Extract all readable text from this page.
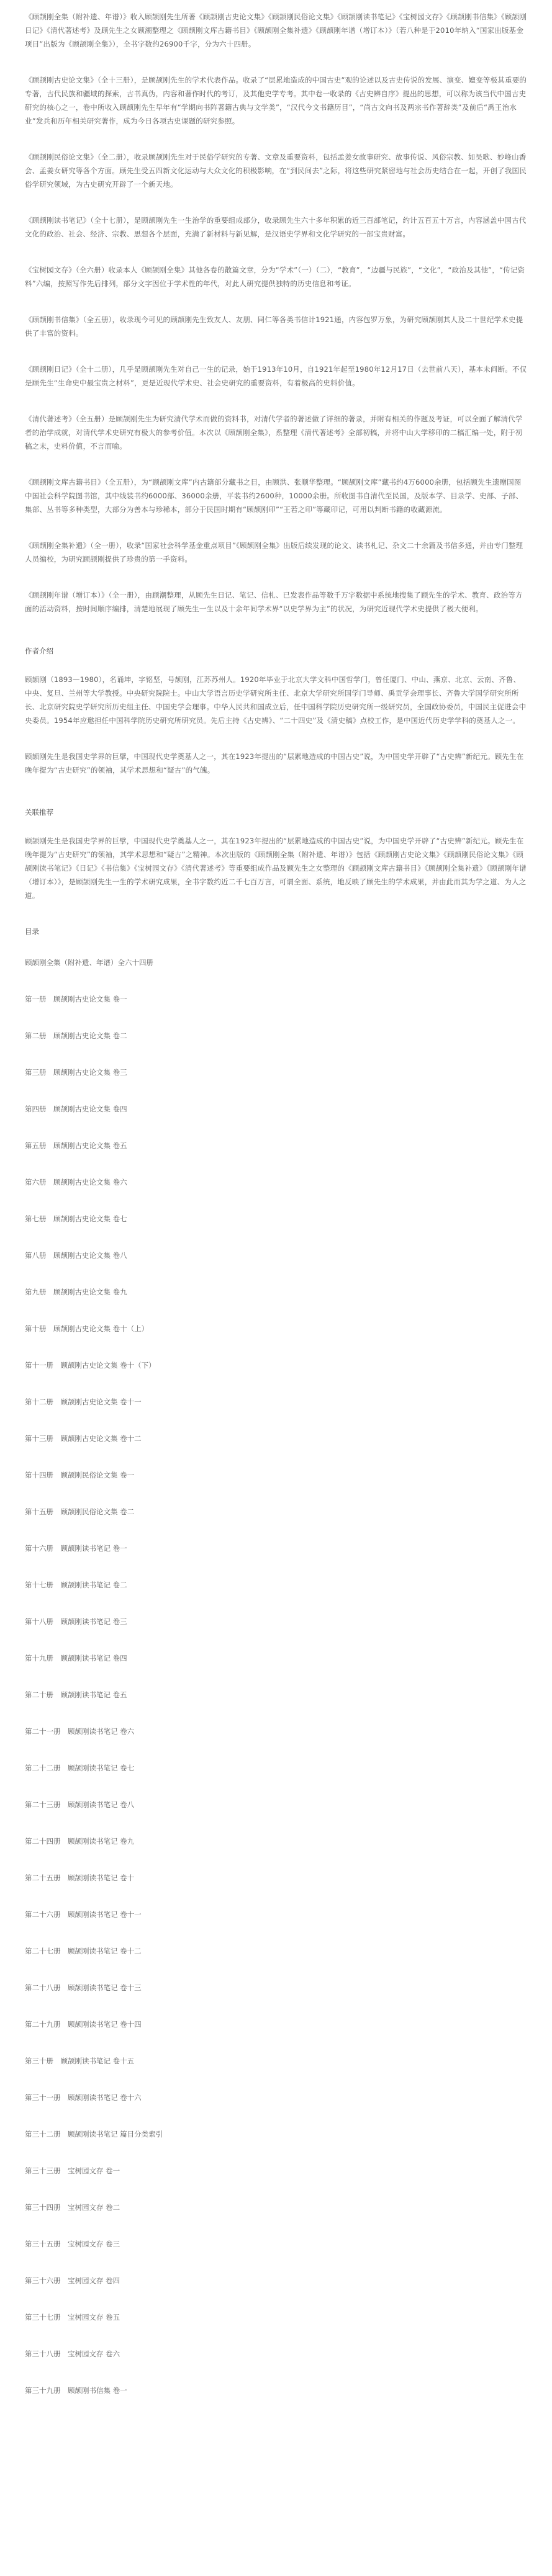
《顾颉刚全集（附补遗、年谱）》收入顾颉刚先生所著《顾颉刚古史论文集》《顾颉刚民俗论文集》《顾颉刚读书笔记》《宝树园文存》《顾颉刚书信集》《顾颉刚日记》《清代著述考》及顾先生之女顾潮整理之《顾颉刚文库古籍书目》《顾颉刚全集补遗》《顾颉刚年谱（增订本）》（若八种是于2010年纳入“国家出版基金项目”出版为《顾颉刚全集》），全书字数约26900千字，分为六十四册。

《顾颉刚古史论文集》（全十三册），是顾颉刚先生的学术代表作品。收录了“层累地造成的中国古史”观的论述以及古史传说的发展、演变、嬗变等极其重要的专著，古代民族和疆域的探索，古书真伪，内容和著作时代的考订，及其他史学专考。其中卷一收录的《古史辨自序》提出的思想，可以称为该当代中国古史研究的核心之一，卷中所收入顾颉刚先生早年有“学期向书阵著籍古典与文学类”，“汉代今文书籍历目”，“尚古文向书及两宗书作著辞类”及前后“禹王治水业”发兵和历年相关研究著作，成为今日各项古史课题的研究参照。

《顾颉刚民俗论文集》（全二册），收录顾颉刚先生对于民俗学研究的专著、文章及重要资料，包括孟姜女故事研究、故事传说、风俗宗教、如吴歌、妙峰山香会、孟姜女研究等各个方面。顾先生受五四新文化运动与大众文化的积极影响，在“到民间去”之际，将这些研究紧密地与社会历史结合在一起，开创了我国民俗学研究领域，为古史研究开辟了一个新天地。

《顾颉刚读书笔记》（全十七册），是顾颉刚先生一生治学的重要组成部分，收录顾先生六十多年积累的近三百部笔记，约计五百五十万言，内容涵盖中国古代文化的政治、社会、经济、宗教、思想各个层面，充满了新材料与新见解，是汉语史学界和文化学研究的一部宝贵财富。

《宝树园文存》（全六册）收录本人《顾颉刚全集》其他各卷的散篇文章，分为“学术”（一）（二），“教育”，“边疆与民族”，“文化”，“政治及其他”，“传记资料”六编，按照写作先后排列，部分文字因位于学术性的年代，对此人研究提供独特的历史信息和考证。

《顾颉刚书信集》（全五册），收录现今可见的顾颉刚先生致友人、友朋、同仁等各类书信计1921通，内容包罗万象，为研究顾颉刚其人及二十世纪学术史提供了丰富的资料。

《顾颉刚日记》（全十二册），几乎是顾颉刚先生对自己一生的记录，始于1913年10月，自1921年起至1980年12月17日（去世前八天），基本未间断。不仅是顾先生“生命史中最宝贵之材料”，更是近现代学术史、社会史研究的重要资料，有着极高的史料价值。

《清代著述考》（全五册）是顾颉刚先生为研究清代学术而做的资料书，对清代学者的著述做了详细的著录，并附有相关的作题及考证，可以全面了解清代学者的治学成就，对清代学术史研究有极大的参考价值。本次以《顾颉刚全集》，系整理《清代著述考》全部初稿，并将中山大学移印的二稿汇编一处，附于初稿之末，史料价值，不言而喻。

《顾颉刚文库古籍书目》（全五册），为“顾颉刚文库”内古籍部分藏书之目，由顾洪、张顺华整理。“顾颉刚文库”藏书约4万6000余册，包括顾先生遗赠国图中国社会科学院图书馆，其中线装书约6000部、36000余册，平装书约2600种，10000余册。所收图书自清代至民国，及版本学、目录学、史部、子部、集部、丛书等多种类型，大部分为善本与珍稀本，部分于民国时期有“顾颉刚印”“王若之印”等藏印记，可用以判断书籍的收藏源流。

《顾颉刚全集补遗》（全一册），收录“国家社会科学基金重点项目”《顾颉刚全集》出版后续发现的论文、读书札记、杂文二十余篇及书信多通，并由专门整理人员编校，为研究顾颉刚提供了珍贵的第一手资料。

《顾颉刚年谱（增订本）》（全一册），由顾潮整理，从顾先生日记、笔记、信札、已发表作品等数千万字数据中系统地搜集了顾先生的学术、教育、政治等方面的活动资料，按时间顺序编排，清楚地展现了顾先生一生以及十余年间学术界“以史学界为主”的状况，为研究近现代学术史提供了极大便利。

作者介绍

顾颉刚（1893—1980），名诵坤，字铭坚，号颉刚，江苏苏州人。1920年毕业于北京大学文科中国哲学门，曾任厦门、中山、燕京、北京、云南、齐鲁、中央、复旦、兰州等大学教授。中央研究院院士。中山大学语言历史学研究所主任、北京大学研究所国学门导师、禹贡学会理事长、齐鲁大学国学研究所所长、北京研究院史学研究所历史组主任、中国史学会理事。中华人民共和国成立后，任中国科学院历史研究所一级研究员，全国政协委员，中国民主促进会中央委员。1954年应邀担任中国科学院历史研究所研究员。先后主持《古史辨》、“二十四史”及《清史稿》点校工作，是中国近代历史学学科的奠基人之一。

顾颉刚先生是我国史学界的巨擘，中国现代史学奠基人之一，其在1923年提出的“层累地造成的中国古史”说，为中国史学开辟了“古史辨”新纪元。顾先生在晚年提为“古史研究”的领袖，其学术思想和“疑古”的气魄。

关联推荐

顾颉刚先生是我国史学界的巨擘，中国现代史学奠基人之一，其在1923年提出的“层累地造成的中国古史”说，为中国史学开辟了“古史辨”新纪元。顾先生在晚年提为“古史研究”的领袖，其学术思想和“疑古”之精神。本次出版的《顾颉刚全集（附补遗、年谱）》包括《顾颉刚古史论文集》《顾颉刚民俗论文集》《顾颉刚读书笔记》《日记》《书信集》《宝树园文存》《清代著述考》等重要组成作品及顾先生之女整理的《顾颉刚文库古籍书目》《顾颉刚全集补遗》《顾颉刚年谱（增订本）》，是顾颉刚先生一生的学术研究成果，全书字数约近二千七百万言，可谓全面、系统，地反映了顾先生的学术成果，并由此而其为学之道、为人之道。

目录
顾颉刚全集（附补遗、年谱）全六十四册
第一册　顾颉刚古史论文集 卷一
第二册　顾颉刚古史论文集 卷二
第三册　顾颉刚古史论文集 卷三
第四册　顾颉刚古史论文集 卷四
第五册　顾颉刚古史论文集 卷五
第六册　顾颉刚古史论文集 卷六
第七册　顾颉刚古史论文集 卷七
第八册　顾颉刚古史论文集 卷八
第九册　顾颉刚古史论文集 卷九
第十册　顾颉刚古史论文集 卷十（上）
第十一册　顾颉刚古史论文集 卷十（下）
第十二册　顾颉刚古史论文集 卷十一
第十三册　顾颉刚古史论文集 卷十二
第十四册　顾颉刚民俗论文集 卷一
第十五册　顾颉刚民俗论文集 卷二
第十六册　顾颉刚读书笔记 卷一
第十七册　顾颉刚读书笔记 卷二
第十八册　顾颉刚读书笔记 卷三
第十九册　顾颉刚读书笔记 卷四
第二十册　顾颉刚读书笔记 卷五
第二十一册　顾颉刚读书笔记 卷六
第二十二册　顾颉刚读书笔记 卷七
第二十三册　顾颉刚读书笔记 卷八
第二十四册　顾颉刚读书笔记 卷九
第二十五册　顾颉刚读书笔记 卷十
第二十六册　顾颉刚读书笔记 卷十一
第二十七册　顾颉刚读书笔记 卷十二
第二十八册　顾颉刚读书笔记 卷十三
第二十九册　顾颉刚读书笔记 卷十四
第三十册　顾颉刚读书笔记 卷十五
第三十一册　顾颉刚读书笔记 卷十六
第三十二册　顾颉刚读书笔记 篇目分类索引
第三十三册　宝树园文存 卷一
第三十四册　宝树园文存 卷二
第三十五册　宝树园文存 卷三
第三十六册　宝树园文存 卷四
第三十七册　宝树园文存 卷五
第三十八册　宝树园文存 卷六
第三十九册　顾颉刚书信集 卷一
